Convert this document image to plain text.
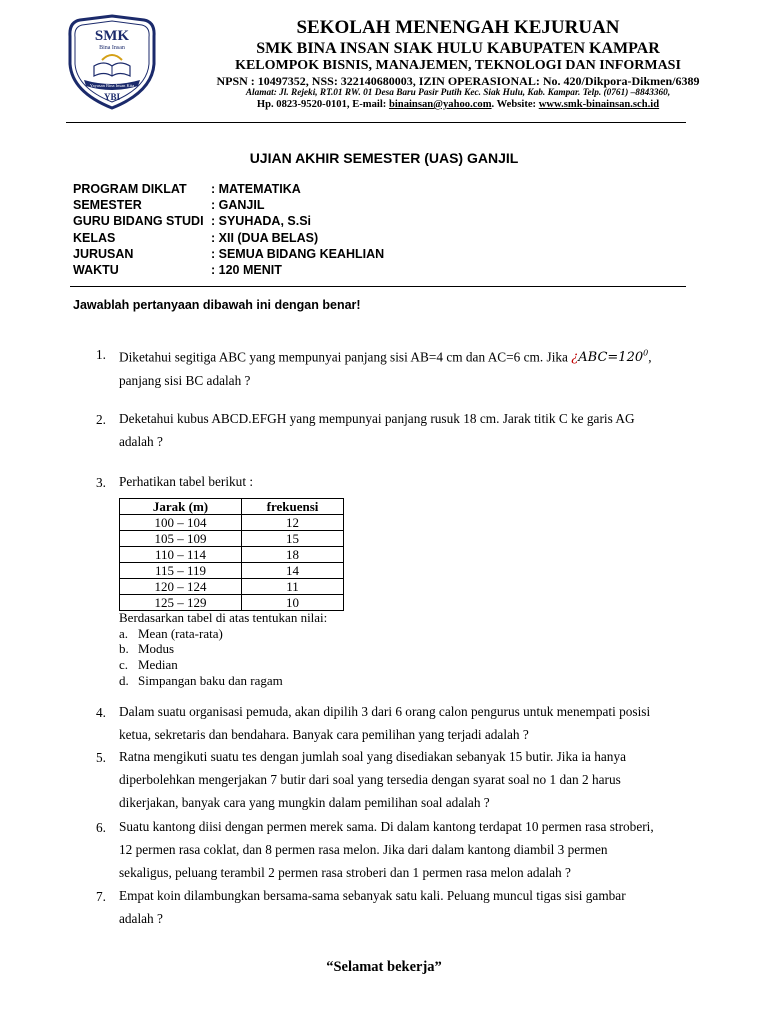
SMK
Bina Insan
Yayasan Bina Insan Kita
YBI
SEKOLAH MENENGAH KEJURUAN
SMK BINA INSAN SIAK HULU KABUPATEN KAMPAR
KELOMPOK BISNIS, MANAJEMEN, TEKNOLOGI DAN INFORMASI
NPSN : 10497352, NSS: 322140680003, IZIN OPERASIONAL: No. 420/Dikpora-Dikmen/6389
Alamat: Jl. Rejeki, RT.01 RW. 01 Desa Baru Pasir Putih Kec. Siak Hulu, Kab. Kampar. Telp. (0761) –8843360,
Hp. 0823-9520-0101, E-mail: binainsan@yahoo.com. Website: www.smk-binainsan.sch.id
UJIAN AKHIR SEMESTER (UAS) GANJIL
PROGRAM DIKLAT : MATEMATIKA
SEMESTER	: GANJIL
GURU BIDANG STUDI : SYUHADA, S.Si
KELAS	: XII (DUA BELAS)
JURUSAN	: SEMUA BIDANG KEAHLIAN
WAKTU	: 120 MENIT
Jawablah pertanyaan dibawah ini dengan benar!
1. Diketahui segitiga ABC yang mempunyai panjang sisi AB=4 cm dan AC=6 cm. Jika ¿$ABC=120^0$,
panjang sisi BC adalah ?
2. Deketahui kubus ABCD.EFGH yang mempunyai panjang rusuk 18 cm. Jarak titik C ke garis AG
adalah ?
3. Perhatikan tabel berikut :
Jarak (m)	frekuensi
100 – 104	12
105 – 109	15
110 – 114	18
115 – 119	14
120 – 124	11
125 – 129	10
Berdasarkan tabel di atas tentukan nilai:
a. Mean (rata-rata)
b. Modus
c. Median
d. Simpangan baku dan ragam
4. Dalam suatu organisasi pemuda, akan dipilih 3 dari 6 orang calon pengurus untuk menempati posisi
ketua, sekretaris dan bendahara. Banyak cara pemilihan yang terjadi adalah ?
5. Ratna mengikuti suatu tes dengan jumlah soal yang disediakan sebanyak 15 butir. Jika ia hanya
diperbolehkan mengerjakan 7 butir dari soal yang tersedia dengan syarat soal no 1 dan 2 harus
dikerjakan, banyak cara yang mungkin dalam pemilihan soal adalah ?
6. Suatu kantong diisi dengan permen merek sama. Di dalam kantong terdapat 10 permen rasa stroberi,
12 permen rasa coklat, dan 8 permen rasa melon. Jika dari dalam kantong diambil 3 permen
sekaligus, peluang terambil 2 permen rasa stroberi dan 1 permen rasa melon adalah ?
7. Empat koin dilambungkan bersama-sama sebanyak satu kali. Peluang muncul tigas sisi gambar
adalah ?
“Selamat bekerja”
